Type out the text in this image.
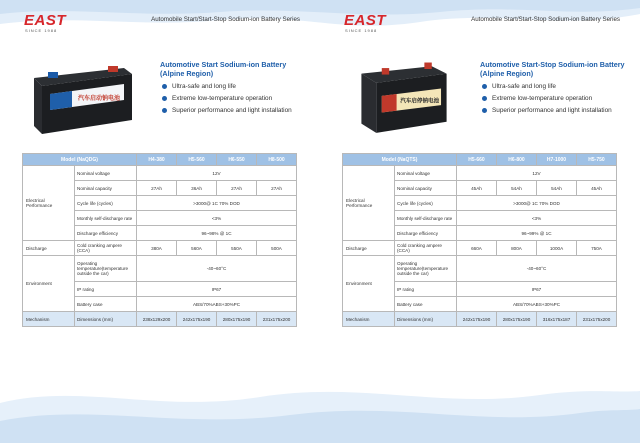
EAST
SINCE 1988
Automobile Start/Start-Stop Sodium-ion Battery Series
汽车启动钠电池
Automotive Start Sodium-ion Battery (Alpine Region)
Ultra-safe and long life
Extreme low-temperature operation
Superior performance and light installation
Model (NaQDG)		H4-380	H5-560	H6-550	H8-500
Electrical Performance	Nominal voltage	12V			
	Nominal capacity	27Ah	36Ah	27Ah	27Ah
	Cycle life (cycles)	>3000@ 1C 70% DOD			
	Monthly self-discharge rate	<3%			
	Discharge efficiency	96~98% @ 1C			
Discharge	Cold cranking ampere (CCA)	380A	560A	550A	500A
Environment	Operating temperature(temperature outside the car)	-40~60°C			
	IP rating	IP67			
	Battery case	ABS/70%ABS+30%PC			
Mechanism	Dimensions (mm)	238x129x200	242x175x190	280x175x190	231x175x200
EAST
SINCE 1988
Automobile Start/Start-Stop Sodium-ion Battery Series
汽车启停钠电池
Automotive Start-Stop Sodium-ion Battery (Alpine Region)
Ultra-safe and long life
Extreme low-temperature operation
Superior performance and light installation
Model (NaQTS)		H5-660	H6-800	H7-1000	H5-750
Electrical Performance	Nominal voltage	12V			
	Nominal capacity	45Ah	54Ah	54Ah	45Ah
	Cycle life (cycles)	>3000@ 1C 70% DOD			
	Monthly self-discharge rate	<3%			
	Discharge efficiency	96~99% @ 1C			
Discharge	Cold cranking ampere (CCA)	660A	800A	1000A	750A
Environment	Operating temperature(temperature outside the car)	-40~60°C			
	IP rating	IP67			
	Battery case	ABS/70%ABS+30%PC			
Mechanism	Dimensions (mm)	242x175x190	280x175x190	316x175x187	231x175x200
